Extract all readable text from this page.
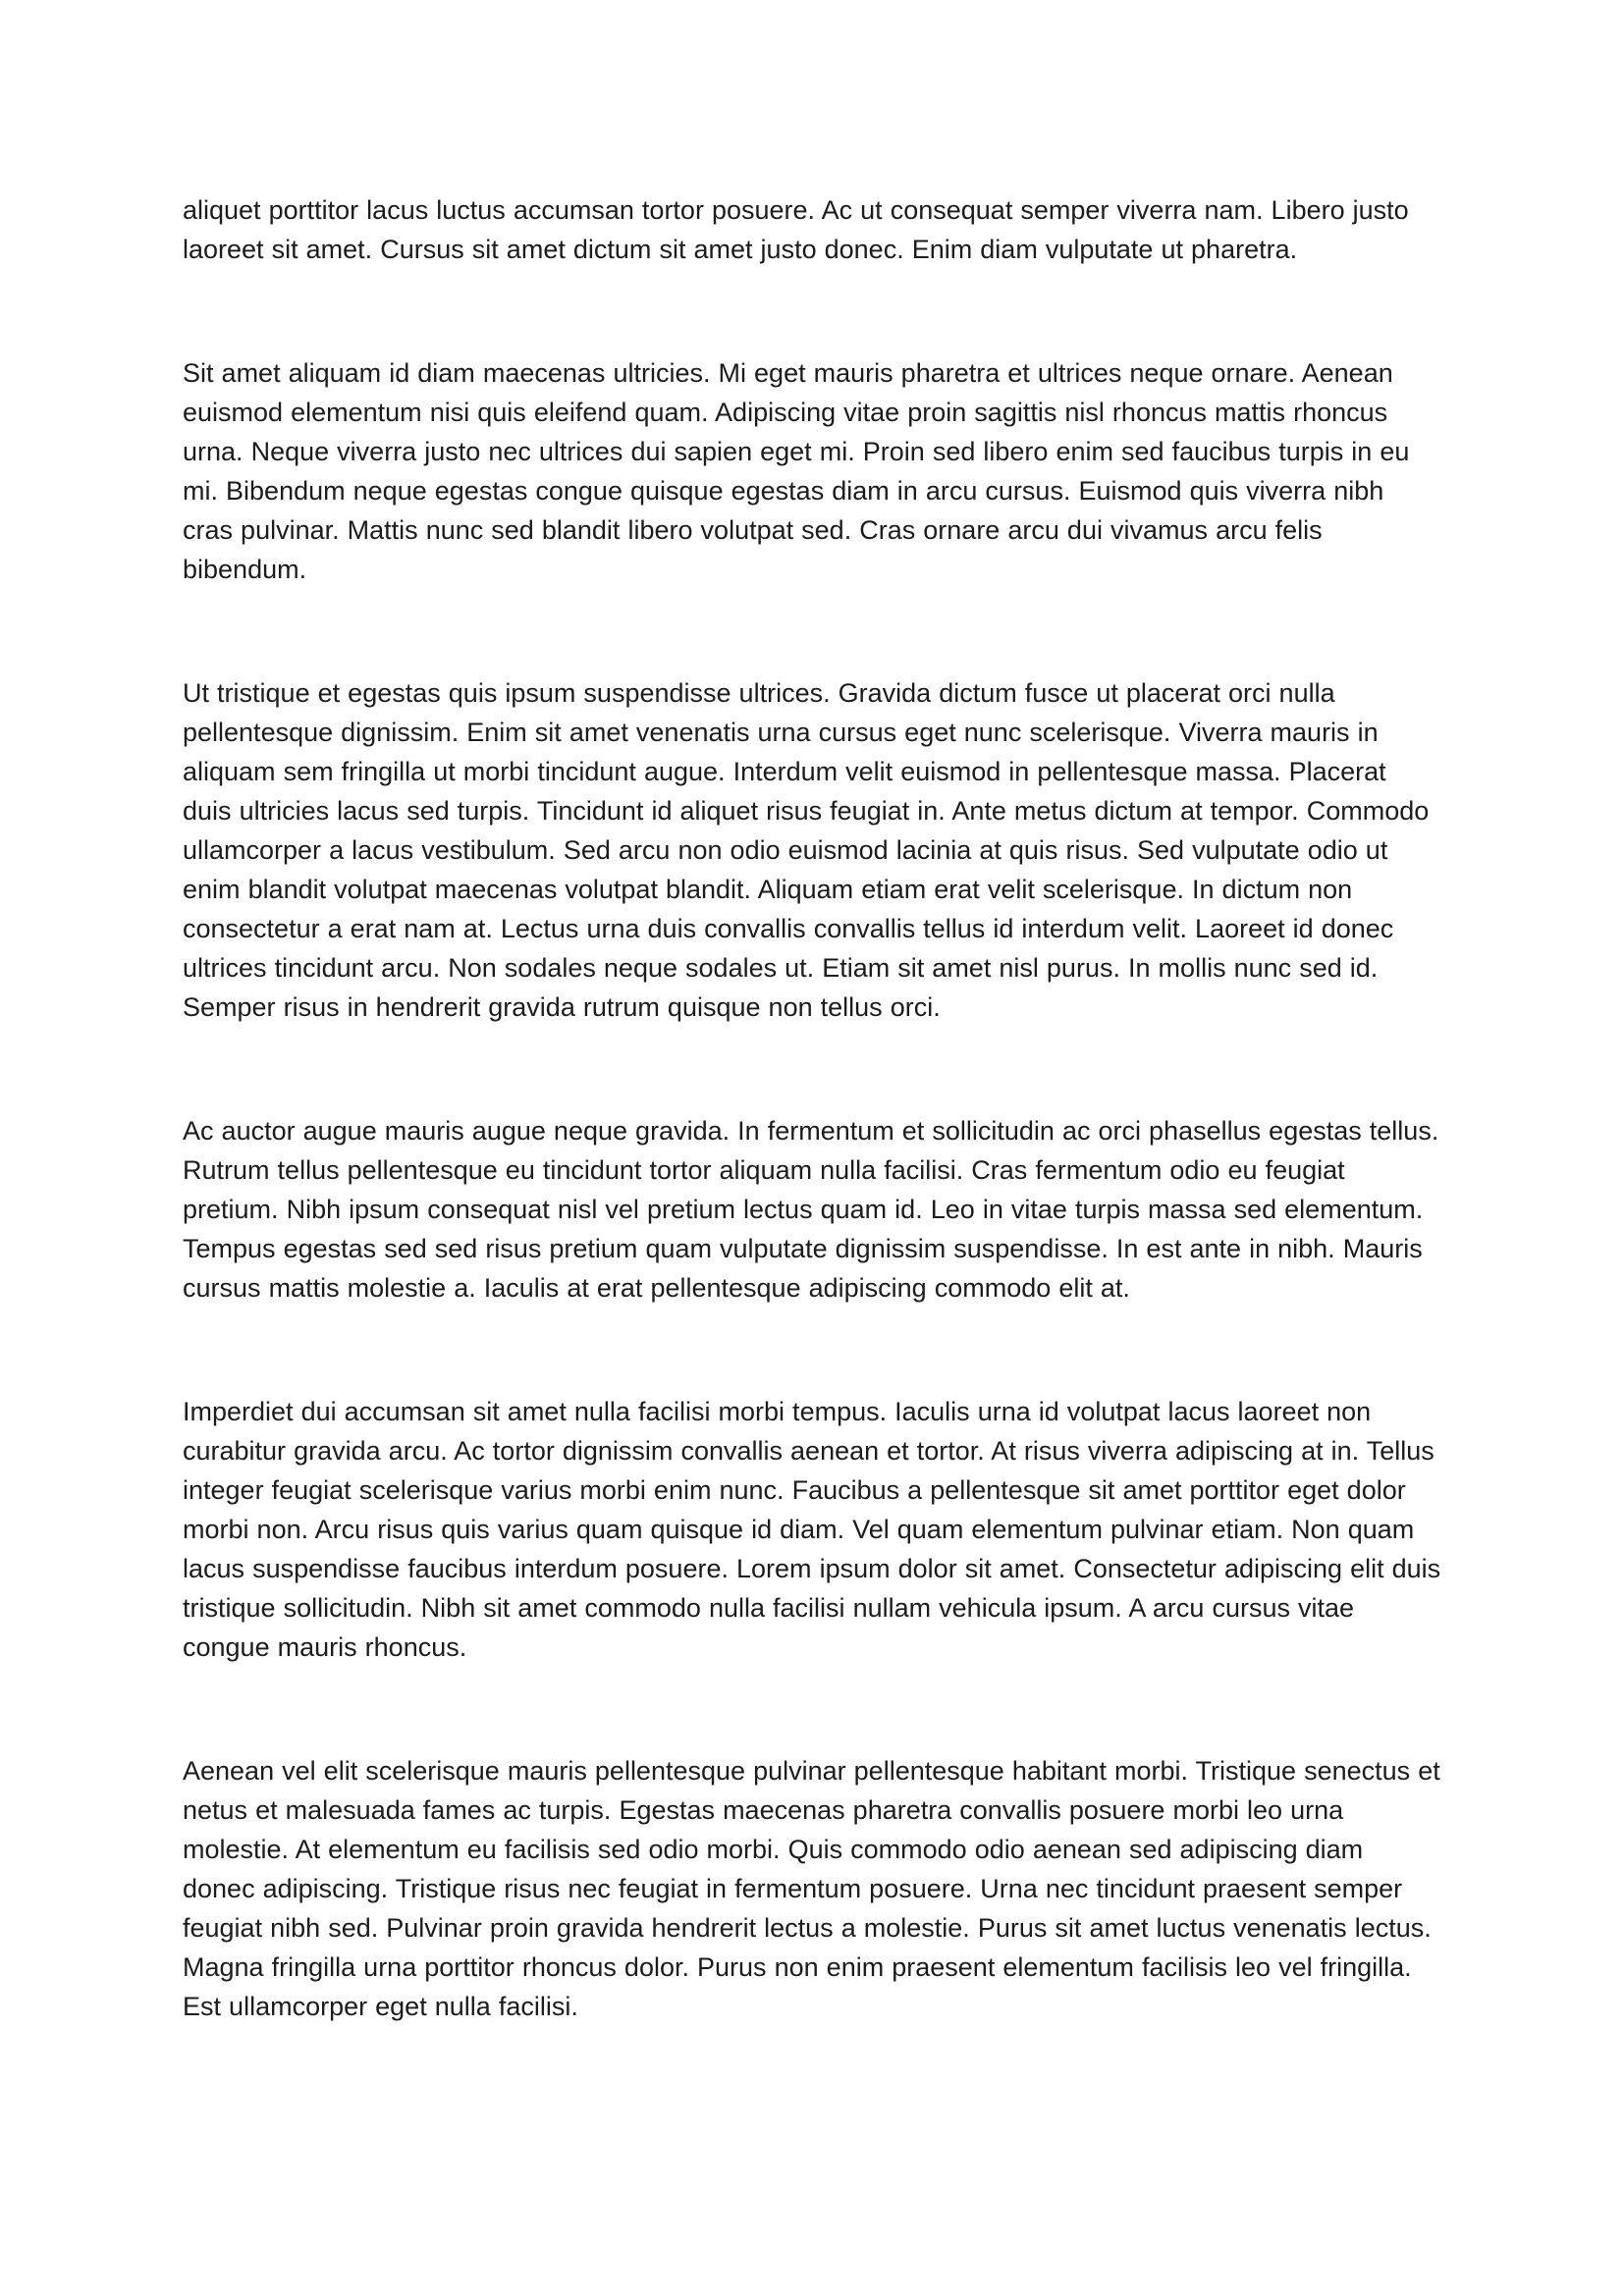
aliquet porttitor lacus luctus accumsan tortor posuere. Ac ut consequat semper viverra nam. Libero justo laoreet sit amet. Cursus sit amet dictum sit amet justo donec. Enim diam vulputate ut pharetra.

Sit amet aliquam id diam maecenas ultricies. Mi eget mauris pharetra et ultrices neque ornare. Aenean euismod elementum nisi quis eleifend quam. Adipiscing vitae proin sagittis nisl rhoncus mattis rhoncus urna. Neque viverra justo nec ultrices dui sapien eget mi. Proin sed libero enim sed faucibus turpis in eu mi. Bibendum neque egestas congue quisque egestas diam in arcu cursus. Euismod quis viverra nibh cras pulvinar. Mattis nunc sed blandit libero volutpat sed. Cras ornare arcu dui vivamus arcu felis bibendum.

Ut tristique et egestas quis ipsum suspendisse ultrices. Gravida dictum fusce ut placerat orci nulla pellentesque dignissim. Enim sit amet venenatis urna cursus eget nunc scelerisque. Viverra mauris in aliquam sem fringilla ut morbi tincidunt augue. Interdum velit euismod in pellentesque massa. Placerat duis ultricies lacus sed turpis. Tincidunt id aliquet risus feugiat in. Ante metus dictum at tempor. Commodo ullamcorper a lacus vestibulum. Sed arcu non odio euismod lacinia at quis risus. Sed vulputate odio ut enim blandit volutpat maecenas volutpat blandit. Aliquam etiam erat velit scelerisque. In dictum non consectetur a erat nam at. Lectus urna duis convallis convallis tellus id interdum velit. Laoreet id donec ultrices tincidunt arcu. Non sodales neque sodales ut. Etiam sit amet nisl purus. In mollis nunc sed id. Semper risus in hendrerit gravida rutrum quisque non tellus orci.

Ac auctor augue mauris augue neque gravida. In fermentum et sollicitudin ac orci phasellus egestas tellus. Rutrum tellus pellentesque eu tincidunt tortor aliquam nulla facilisi. Cras fermentum odio eu feugiat pretium. Nibh ipsum consequat nisl vel pretium lectus quam id. Leo in vitae turpis massa sed elementum. Tempus egestas sed sed risus pretium quam vulputate dignissim suspendisse. In est ante in nibh. Mauris cursus mattis molestie a. Iaculis at erat pellentesque adipiscing commodo elit at.

Imperdiet dui accumsan sit amet nulla facilisi morbi tempus. Iaculis urna id volutpat lacus laoreet non curabitur gravida arcu. Ac tortor dignissim convallis aenean et tortor. At risus viverra adipiscing at in. Tellus integer feugiat scelerisque varius morbi enim nunc. Faucibus a pellentesque sit amet porttitor eget dolor morbi non. Arcu risus quis varius quam quisque id diam. Vel quam elementum pulvinar etiam. Non quam lacus suspendisse faucibus interdum posuere. Lorem ipsum dolor sit amet. Consectetur adipiscing elit duis tristique sollicitudin. Nibh sit amet commodo nulla facilisi nullam vehicula ipsum. A arcu cursus vitae congue mauris rhoncus.

Aenean vel elit scelerisque mauris pellentesque pulvinar pellentesque habitant morbi. Tristique senectus et netus et malesuada fames ac turpis. Egestas maecenas pharetra convallis posuere morbi leo urna molestie. At elementum eu facilisis sed odio morbi. Quis commodo odio aenean sed adipiscing diam donec adipiscing. Tristique risus nec feugiat in fermentum posuere. Urna nec tincidunt praesent semper feugiat nibh sed. Pulvinar proin gravida hendrerit lectus a molestie. Purus sit amet luctus venenatis lectus. Magna fringilla urna porttitor rhoncus dolor. Purus non enim praesent elementum facilisis leo vel fringilla. Est ullamcorper eget nulla facilisi.
